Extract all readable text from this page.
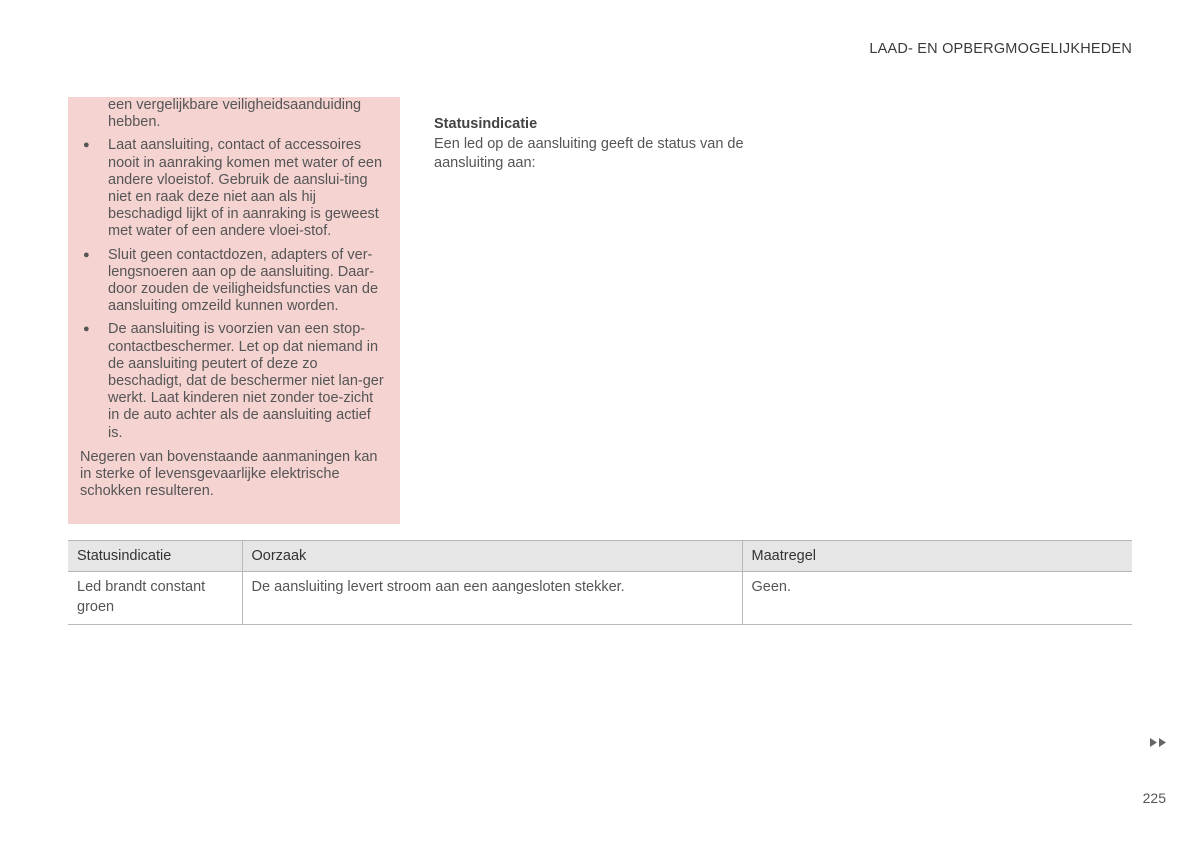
LAAD- EN OPBERGMOGELIJKHEDEN

een vergelijkbare veiligheidsaanduiding hebben.

● Laat aansluiting, contact of accessoires nooit in aanraking komen met water of een andere vloeistof. Gebruik de aanslui-ting niet en raak deze niet aan als hij beschadigd lijkt of in aanraking is geweest met water of een andere vloei-stof.
● Sluit geen contactdozen, adapters of ver-lengsnoeren aan op de aansluiting. Daar-door zouden de veiligheidsfuncties van de aansluiting omzeild kunnen worden.
● De aansluiting is voorzien van een stop-contactbeschermer. Let op dat niemand in de aansluiting peutert of deze zo beschadigt, dat de beschermer niet lan-ger werkt. Laat kinderen niet zonder toe-zicht in de auto achter als de aansluiting actief is.

Negeren van bovenstaande aanmaningen kan in sterke of levensgevaarlijke elektrische schokken resulteren.

Statusindicatie

Een led op de aansluiting geeft de status van de aansluiting aan:

Statusindicatie	Oorzaak	Maatregel
Led brandt constant groen	De aansluiting levert stroom aan een aangesloten stekker.	Geen.
225
